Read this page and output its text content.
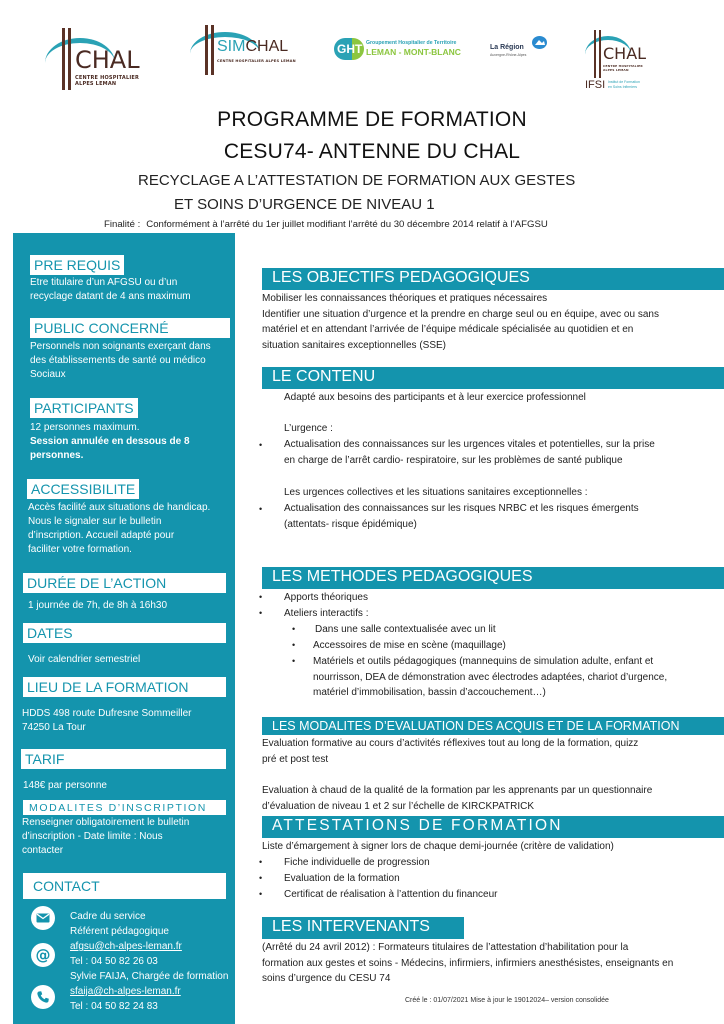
CHAL
CENTRE HOSPITALIER
ALPES LEMAN
SIMCHAL
CENTRE HOSPITALIER ALPES LEMAN
GHT Groupement Hospitalier de Territoire
LEMAN - MONT-BLANC	La Région
Auvergne-Rhône-Alpes	CHAL
CENTRE HOSPITALIER ALPES LEMAN
IFSI Institut de Formation
en Soins Infirmiers
PROGRAMME DE FORMATION
CESU74- ANTENNE DU CHAL
RECYCLAGE A L’ATTESTATION DE FORMATION AUX GESTES
ET SOINS D’URGENCE DE NIVEAU 1
Finalité : Conformément à l’arrêté du 1er juillet modifiant l’arrêté du 30 décembre 2014 relatif à l’AFGSU
PRE REQUIS
Etre titulaire d’un AFGSU ou d’un
recyclage datant de 4 ans maximum
PUBLIC CONCERNÉ
Personnels non soignants exerçant dans
des établissements de santé ou médico
Sociaux
PARTICIPANTS
12 personnes maximum.
Session annulée en dessous de 8
personnes.
ACCESSIBILITE
Accès facilité aux situations de handicap.
Nous le signaler sur le bulletin
d’inscription. Accueil adapté pour
faciliter votre formation.
DURÉE DE L’ACTION
1 journée de 7h, de 8h à 16h30
DATES
Voir calendrier semestriel
LIEU DE LA FORMATION
HDDS 498 route Dufresne Sommeiller
74250 La Tour
TARIF
148€ par personne
MODALITES D’INSCRIPTION
Renseigner obligatoirement le bulletin
d’inscription - Date limite : Nous
contacter
CONTACT
@
Cadre du service
Référent pédagogique
afgsu@ch-alpes-leman.fr
Tel : 04 50 82 26 03
Sylvie FAIJA, Chargée de formation
sfaija@ch-alpes-leman.fr
Tel : 04 50 82 24 83
LES OBJECTIFS PEDAGOGIQUES
Mobiliser les connaissances théoriques et pratiques nécessaires
Identifier une situation d’urgence et la prendre en charge seul ou en équipe, avec ou sans
matériel et en attendant l’arrivée de l’équipe médicale spécialisée au quotidien et en
situation sanitaires exceptionnelles (SSE)
LE CONTENU
Adapté aux besoins des participants et à leur exercice professionnel
L’urgence :
• Actualisation des connaissances sur les urgences vitales et potentielles, sur la prise
en charge de l’arrêt cardio- respiratoire, sur les problèmes de santé publique
Les urgences collectives et les situations sanitaires exceptionnelles :
• Actualisation des connaissances sur les risques NRBC et les risques émergents
(attentats- risque épidémique)
LES METHODES PEDAGOGIQUES
• Apports théoriques
• Ateliers interactifs :
• Dans une salle contextualisée avec un lit
• Accessoires de mise en scène (maquillage)
• Matériels et outils pédagogiques (mannequins de simulation adulte, enfant et
nourrisson, DEA de démonstration avec électrodes adaptées, chariot d’urgence,
matériel d’immobilisation, bassin d’accouchement…)
LES MODALITES D’EVALUATION DES ACQUIS ET DE LA FORMATION
Evaluation formative au cours d’activités réflexives tout au long de la formation, quizz
pré et post test
Evaluation à chaud de la qualité de la formation par les apprenants par un questionnaire
d’évaluation de niveau 1 et 2 sur l’échelle de KIRCKPATRICK
ATTESTATIONS DE FORMATION
Liste d’émargement à signer lors de chaque demi-journée (critère de validation)
• Fiche individuelle de progression
• Evaluation de la formation
• Certificat de réalisation à l’attention du financeur
LES INTERVENANTS
(Arrêté du 24 avril 2012) : Formateurs titulaires de l’attestation d’habilitation pour la
formation aux gestes et soins - Médecins, infirmiers, infirmiers anesthésistes, enseignants en
soins d’urgence du CESU 74
Créé le : 01/07/2021 Mise à jour le 19012024– version consolidée
